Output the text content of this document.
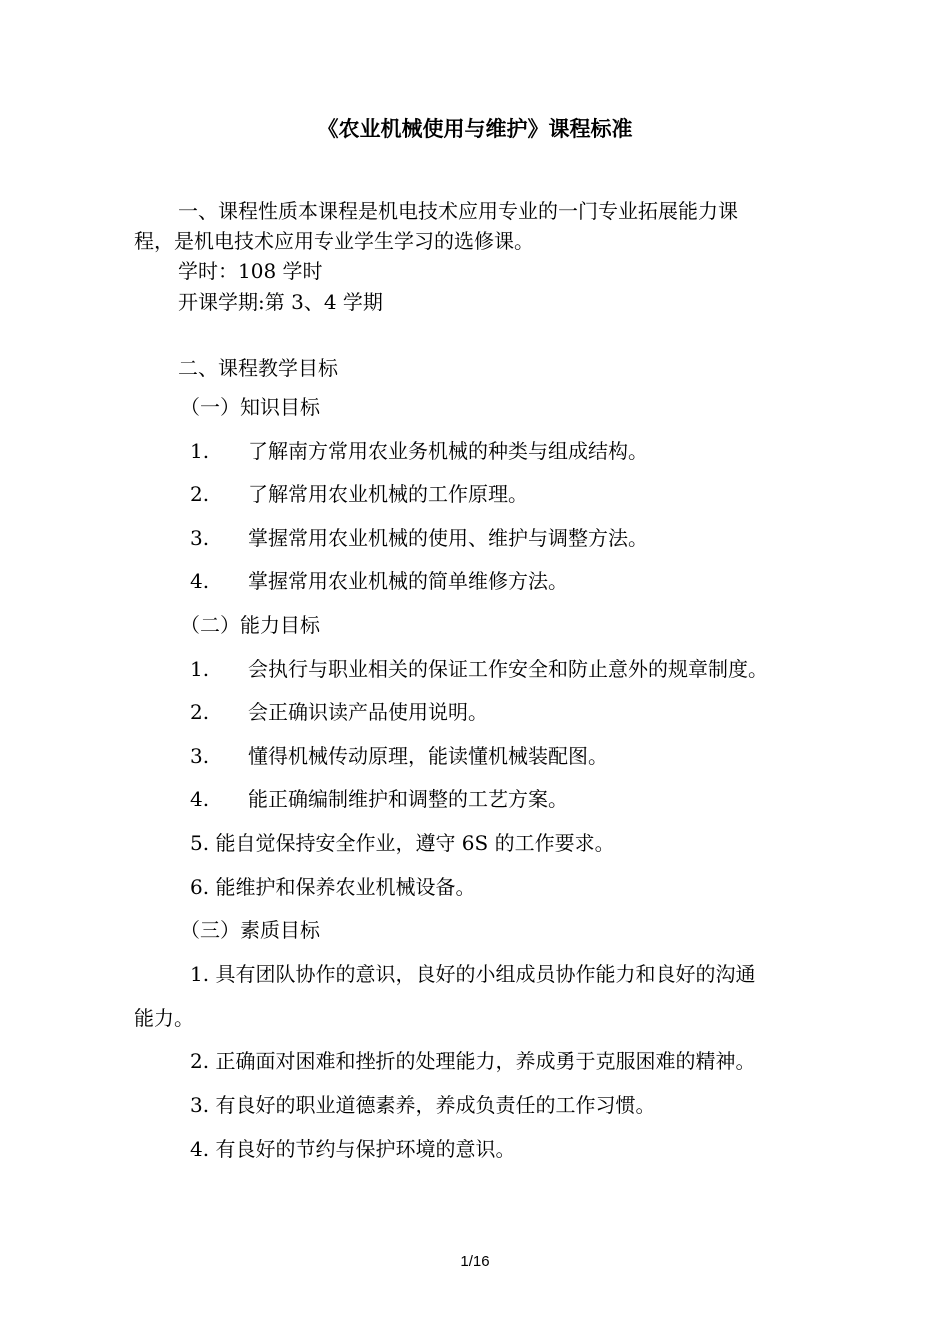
《农业机械使用与维护》课程标准
一、课程性质本课程是机电技术应用专业的一门专业拓展能力课
程，是机电技术应用专业学生学习的选修课。
学时：108 学时
开课学期:第 3、4 学期
二、课程教学目标
（一）知识目标
1. 了解南方常用农业务机械的种类与组成结构。
2. 了解常用农业机械的工作原理。
3. 掌握常用农业机械的使用、维护与调整方法。
4. 掌握常用农业机械的简单维修方法。
（二）能力目标
1. 会执行与职业相关的保证工作安全和防止意外的规章制度。
2. 会正确识读产品使用说明。
3. 懂得机械传动原理，能读懂机械装配图。
4. 能正确编制维护和调整的工艺方案。
5. 能自觉保持安全作业，遵守 6S 的工作要求。
6. 能维护和保养农业机械设备。
（三）素质目标
1. 具有团队协作的意识，良好的小组成员协作能力和良好的沟通
能力。
2. 正确面对困难和挫折的处理能力，养成勇于克服困难的精神。
3. 有良好的职业道德素养，养成负责任的工作习惯。
4. 有良好的节约与保护环境的意识。
1/16
